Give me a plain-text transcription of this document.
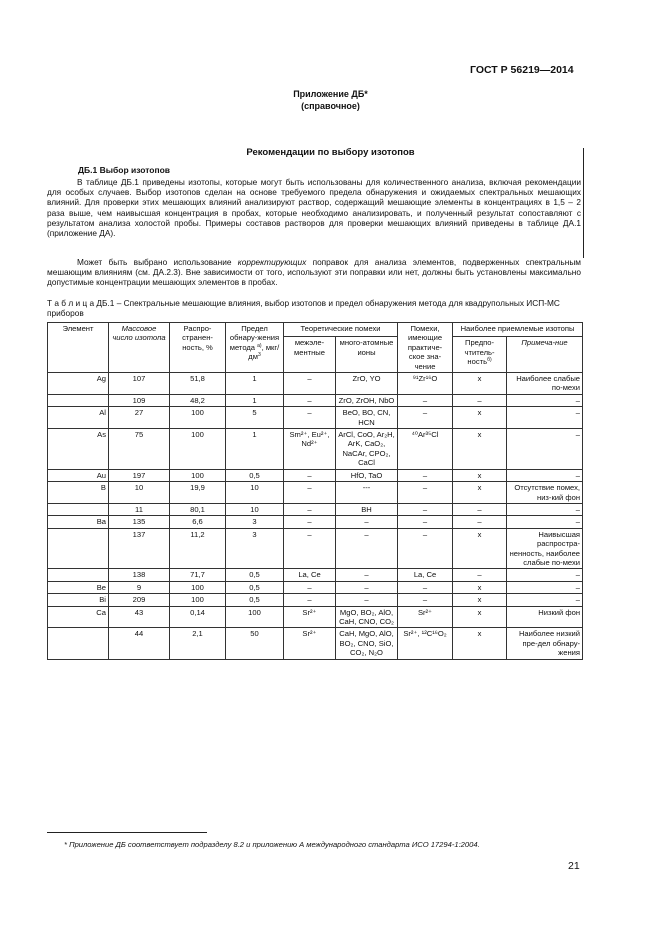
ГОСТ Р 56219—2014
Приложение ДБ*
(справочное)
Рекомендации по выбору изотопов
ДБ.1 Выбор изотопов
В таблице ДБ.1 приведены изотопы, которые могут быть использованы для количественного анализа, включая рекомендации для особых случаев. Выбор изотопов сделан на основе требуемого предела обнаружения и ожидаемых спектральных мешающих влияний. Для проверки этих мешающих влияний анализируют раствор, содержащий мешающие элементы в концентрациях в 1,5 – 2 раза выше, чем наивысшая концентрация в пробах, которые необходимо анализировать, и полученный результат сопоставляют с результатом анализа холостой пробы. Примеры составов растворов для проверки мешающих влияний приведены в таблице ДА.1 (приложение ДА).
Может быть выбрано использование корректирующих поправок для анализа элементов, подверженных спектральным мешающим влияниям (см. ДА.2.3). Вне зависимости от того, используют эти поправки или нет, должны быть установлены максимально допустимые концентрации мешающих элементов в пробах.
Т а б л и ц а ДБ.1 – Спектральные мешающие влияния, выбор изотопов и предел обнаружения метода для квадрупольных ИСП-МС приборов
Элемент	Массовое число изотопа	Распро-странен-ность, %	Предел обнару-жения метода $^{a)}$, мкг/$дм^3$	Теоретические помехи		Помехи, имеющие практиче-ское зна-чение	Наиболее приемлемые изотопы	
				межэле-ментные	много-атомные ионы		Предпо-чтитель-ность$^{б)}$	Примеча-ние
Ag	107	51,8	1	–	ZrO, YO	⁹¹Zr¹⁶O	x	Наиболее слабые по-мехи
	109	48,2	1	–	ZrO, ZrOH, NbO	–	–	–
Al	27	100	5	–	BeO, BO, CN, HCN	–	x	–
As	75	100	1	Sm²⁺, Eu²⁺, Nd²⁺	ArCl, CoO, Ar₂H, ArK, CaO₂, NaCAr, CPO₂, CaCl	⁴⁰Ar³⁵Cl	x	–
Au	197	100	0,5	–	HfO, TaO	–	x	–
B	10	19,9	10	–	---	–	x	Отсутствие помех, низ-кий фон
	11	80,1	10	–	BH	–	–	–
Ba	135	6,6	3	–	–	–	–	–
	137	11,2	3	–	–	–	x	Наивысшая распростра-ненность, наиболее слабые по-мехи
	138	71,7	0,5	La, Ce	–	La, Ce	–	–
Be	9	100	0,5	–	–	–	x	–
Bi	209	100	0,5	–	–	–	x	–
Ca	43	0,14	100	Sr²⁺	MgO, BO₂, AlO, CaH, CNO, CO₂	Sr²⁺	x	Низкий фон
	44	2,1	50	Sr²⁺	CaH, MgO, AlO, BO₂, CNO, SiO, CO₂, N₂O	Sr²⁺, ¹²C¹⁶O₂	x	Наиболее низкий пре-дел обнару-жения
* Приложение ДБ соответствует подразделу 8.2 и приложению А международного стандарта ИСО 17294-1:2004.
21
